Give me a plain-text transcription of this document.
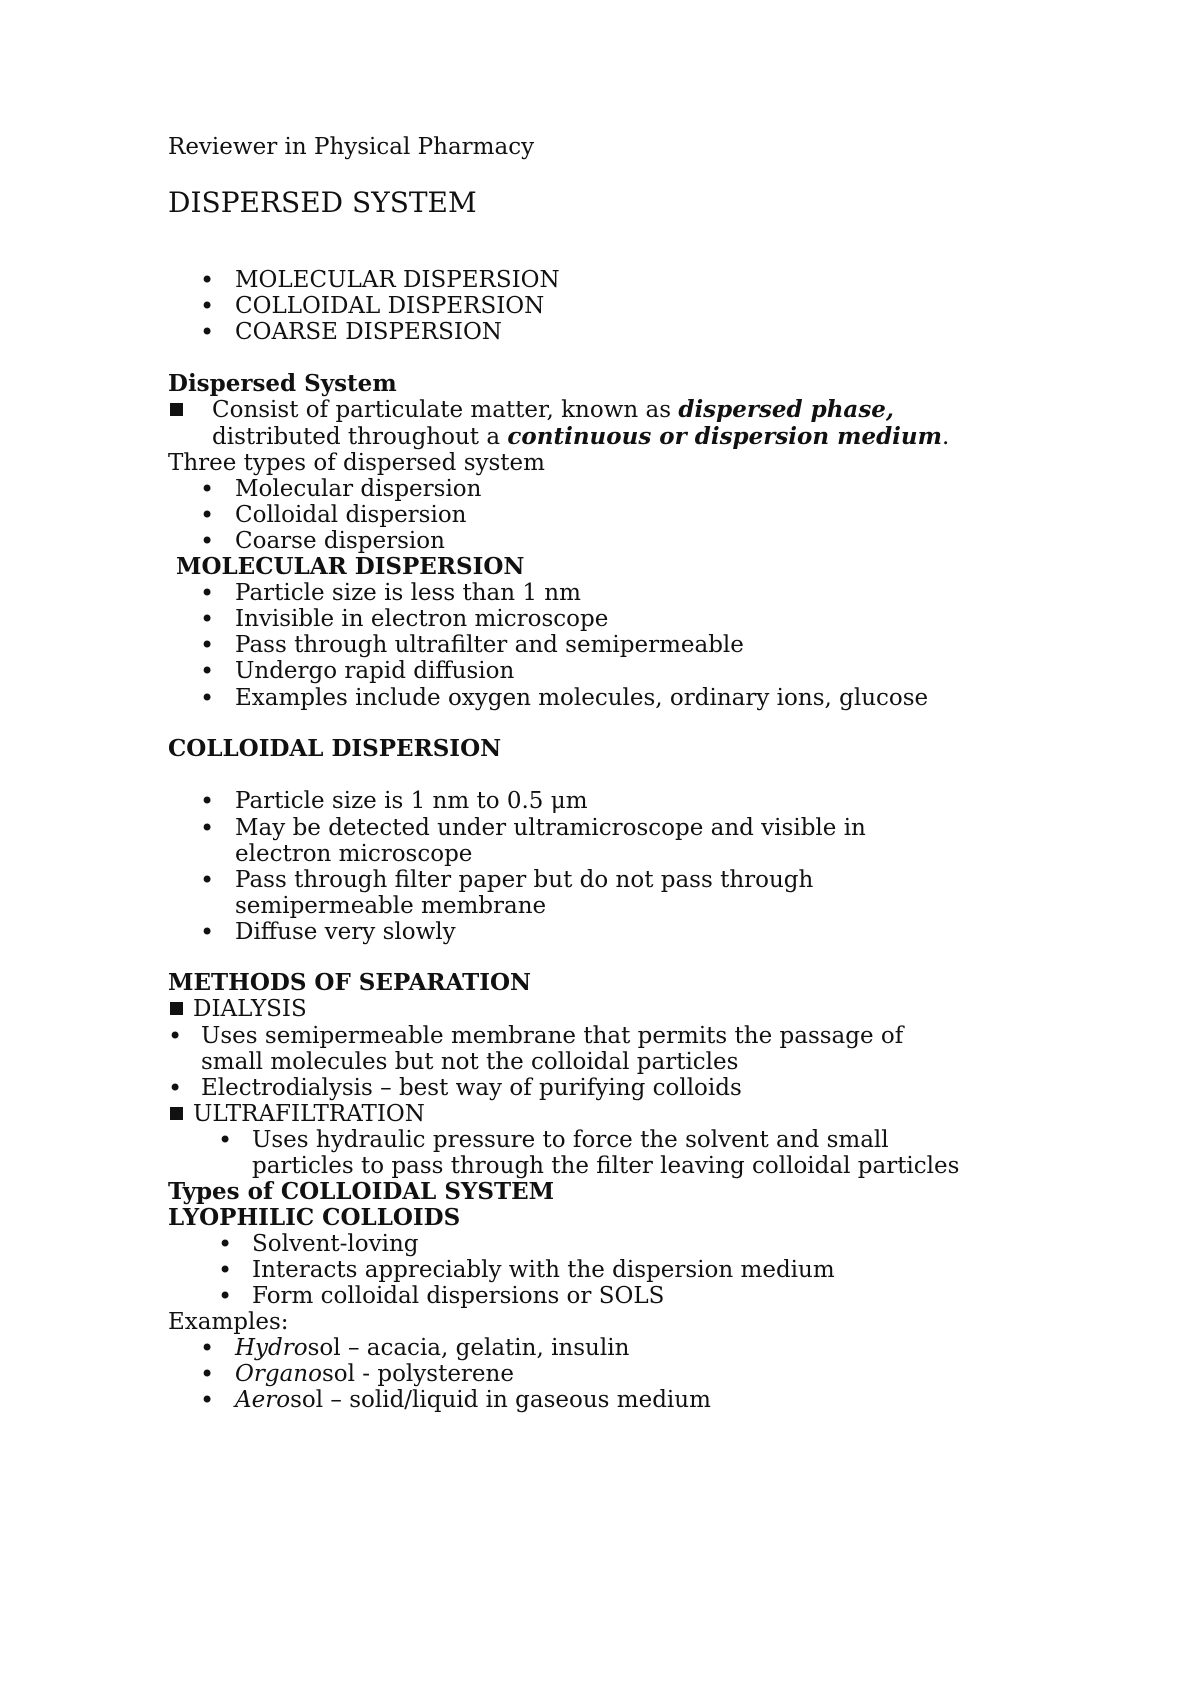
Reviewer in Physical Pharmacy
DISPERSED SYSTEM
•
MOLECULAR DISPERSION
•
COLLOIDAL DISPERSION
•
COARSE DISPERSION
Dispersed System
Consist of particulate matter, known as dispersed phase,
distributed throughout a continuous or dispersion medium.
Three types of dispersed system
•
Molecular dispersion
•
Colloidal dispersion
•
Coarse dispersion
MOLECULAR DISPERSION
•
Particle size is less than 1 nm
•
Invisible in electron microscope
•
Pass through ultrafilter and semipermeable
•
Undergo rapid diffusion
•
Examples include oxygen molecules, ordinary ions, glucose
COLLOIDAL DISPERSION
•
Particle size is 1 nm to 0.5 μm
•
May be detected under ultramicroscope and visible in
electron microscope
•
Pass through filter paper but do not pass through
semipermeable membrane
•
Diffuse very slowly
METHODS OF SEPARATION
DIALYSIS
•
Uses semipermeable membrane that permits the passage of
small molecules but not the colloidal particles
•
Electrodialysis – best way of purifying colloids
ULTRAFILTRATION
•
Uses hydraulic pressure to force the solvent and small
particles to pass through the filter leaving colloidal particles
Types of COLLOIDAL SYSTEM
LYOPHILIC COLLOIDS
•
Solvent-loving
•
Interacts appreciably with the dispersion medium
•
Form colloidal dispersions or SOLS
Examples:
•
Hydrosol – acacia, gelatin, insulin
•
Organosol - polysterene
•
Aerosol – solid/liquid in gaseous medium
